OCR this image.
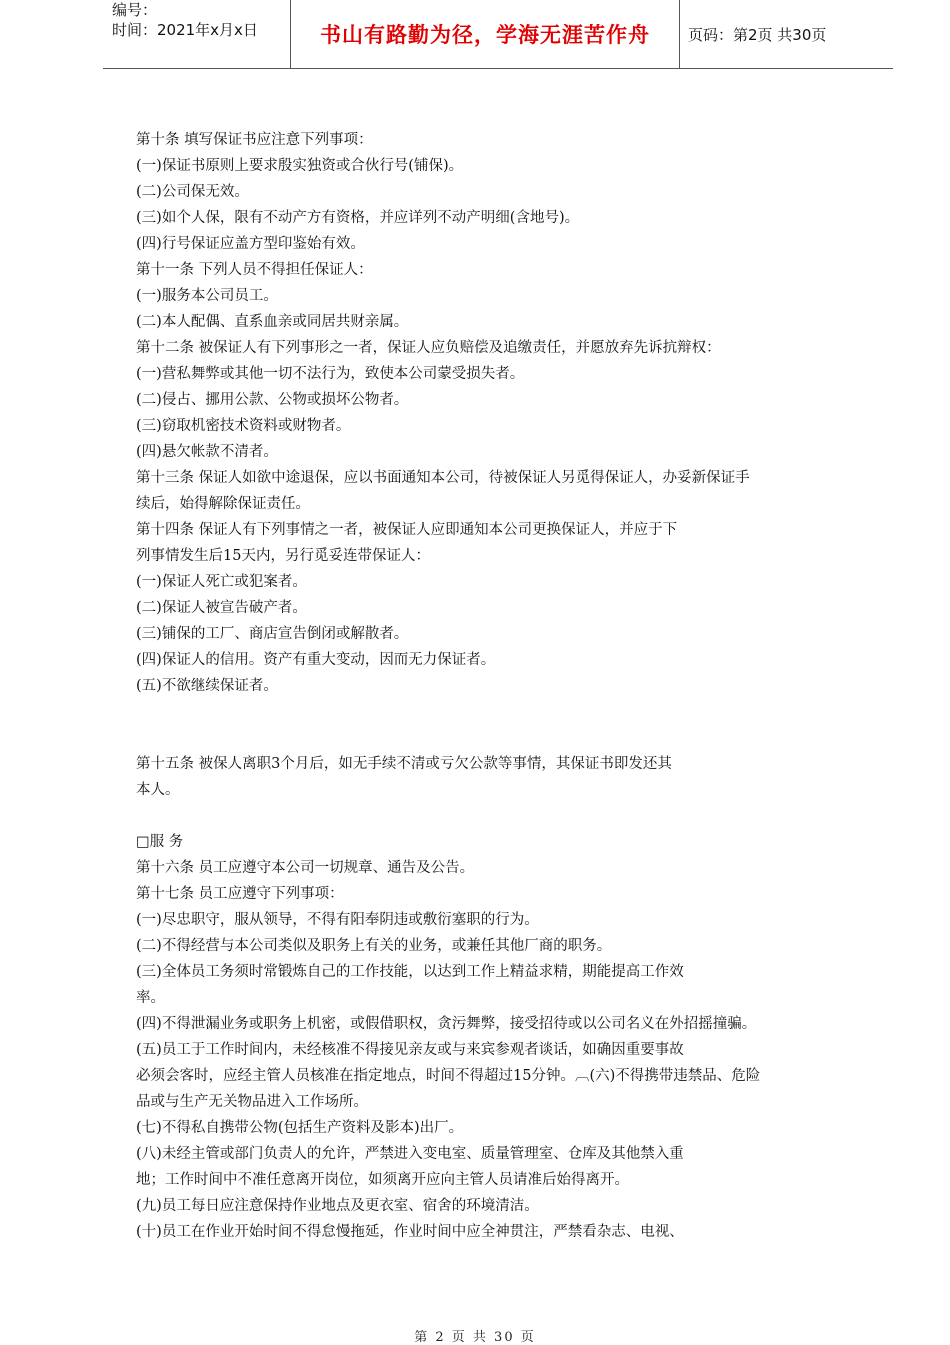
编号：
时间：2021年x月x日	书山有路勤为径，学海无涯苦作舟	页码：第2页 共30页
第十条 填写保证书应注意下列事项：
(一)保证书原则上要求殷实独资或合伙行号(铺保)。
(二)公司保无效。
(三)如个人保，限有不动产方有资格，并应详列不动产明细(含地号)。
(四)行号保证应盖方型印鉴始有效。
第十一条 下列人员不得担任保证人：
(一)服务本公司员工。
(二)本人配偶、直系血亲或同居共财亲属。
第十二条 被保证人有下列事形之一者，保证人应负赔偿及追缴责任，并愿放弃先诉抗辩权：
(一)营私舞弊或其他一切不法行为，致使本公司蒙受损失者。
(二)侵占、挪用公款、公物或损坏公物者。
(三)窃取机密技术资料或财物者。
(四)悬欠帐款不清者。
第十三条 保证人如欲中途退保，应以书面通知本公司，待被保证人另觅得保证人，办妥新保证手
续后，始得解除保证责任。
第十四条 保证人有下列事情之一者，被保证人应即通知本公司更换保证人，并应于下
列事情发生后15天内，另行觅妥连带保证人：
(一)保证人死亡或犯案者。
(二)保证人被宣告破产者。
(三)铺保的工厂、商店宣告倒闭或解散者。
(四)保证人的信用。资产有重大变动，因而无力保证者。
(五)不欲继续保证者。
第十五条 被保人离职3个月后，如无手续不清或亏欠公款等事情，其保证书即发还其
本人。
□服 务
第十六条 员工应遵守本公司一切规章、通告及公告。
第十七条 员工应遵守下列事项：
(一)尽忠职守，服从领导，不得有阳奉阴违或敷衍塞职的行为。
(二)不得经营与本公司类似及职务上有关的业务，或兼任其他厂商的职务。
(三)全体员工务须时常锻炼自己的工作技能，以达到工作上精益求精，期能提高工作效
率。
(四)不得泄漏业务或职务上机密，或假借职权，贪污舞弊，接受招待或以公司名义在外招摇撞骗。
(五)员工于工作时间内，未经核准不得接见亲友或与来宾参观者谈话，如确因重要事故
必须会客时，应经主管人员核准在指定地点，时间不得超过15分钟。︹(六)不得携带违禁品、危险
品或与生产无关物品进入工作场所。
(七)不得私自携带公物(包括生产资料及影本)出厂。
(八)未经主管或部门负责人的允许，严禁进入变电室、质量管理室、仓库及其他禁入重
地；工作时间中不准任意离开岗位，如须离开应向主管人员请准后始得离开。
(九)员工每日应注意保持作业地点及更衣室、宿舍的环境清洁。
(十)员工在作业开始时间不得怠慢拖延，作业时间中应全神贯注，严禁看杂志、电视、
第 2 页 共 30 页
